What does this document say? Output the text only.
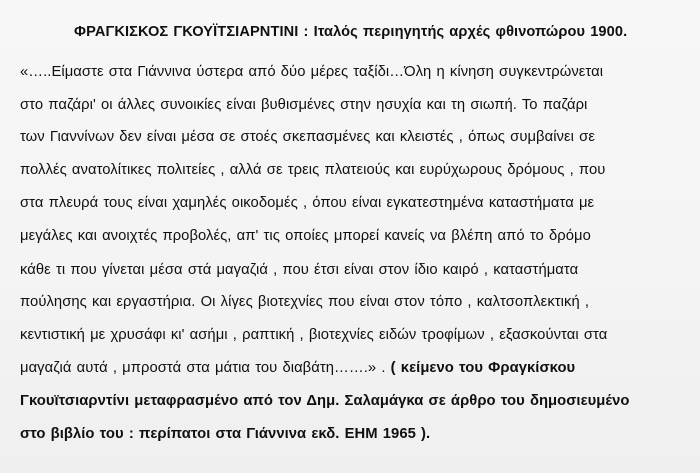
ΦΡΑΓΚΙΣΚΟΣ ΓΚΟΥΪΤΣΙΑΡΝΤΙΝΙ : Ιταλός περιηγητής αρχές φθινοπώρου 1900.

«…..Είμαστε στα Γιάννινα ύστερα από δύο μέρες ταξίδι…Όλη η κίνηση συγκεντρώνεται

στο παζάρι' οι άλλες συνοικίες είναι βυθισμένες στην ησυχία και τη σιωπή. Το παζάρι

των Γιαννίνων δεν είναι μέσα σε στοές σκεπασμένες και κλειστές , όπως συμβαίνει σε

πολλές ανατολίτικες πολιτείες , αλλά σε τρεις πλατειούς και ευρύχωρους δρόμους , που

στα πλευρά τους είναι χαμηλές οικοδομές , όπου είναι εγκατεστημένα καταστήματα με

μεγάλες και ανοιχτές προβολές, απ' τις οποίες μπορεί κανείς να βλέπη από το δρόμο

κάθε τι που γίνεται μέσα στά μαγαζιά , που έτσι είναι στον ίδιο καιρό , καταστήματα

πούλησης και εργαστήρια. Οι λίγες βιοτεχνίες που είναι στον τόπο , καλτσοπλεκτική ,

κεντιστική με χρυσάφι κι' ασήμι , ραπτική , βιοτεχνίες ειδών τροφίμων , εξασκούνται στα

μαγαζιά αυτά , μπροστά στα μάτια του διαβάτη…….» . ( κείμενο του Φραγκίσκου

Γκουϊτσιαρντίνι μεταφρασμένο από τον Δημ. Σαλαμάγκα σε άρθρο του δημοσιευμένο

στο βιβλίο του : περίπατοι στα Γιάννινα εκδ. ΕΗΜ 1965 ).
